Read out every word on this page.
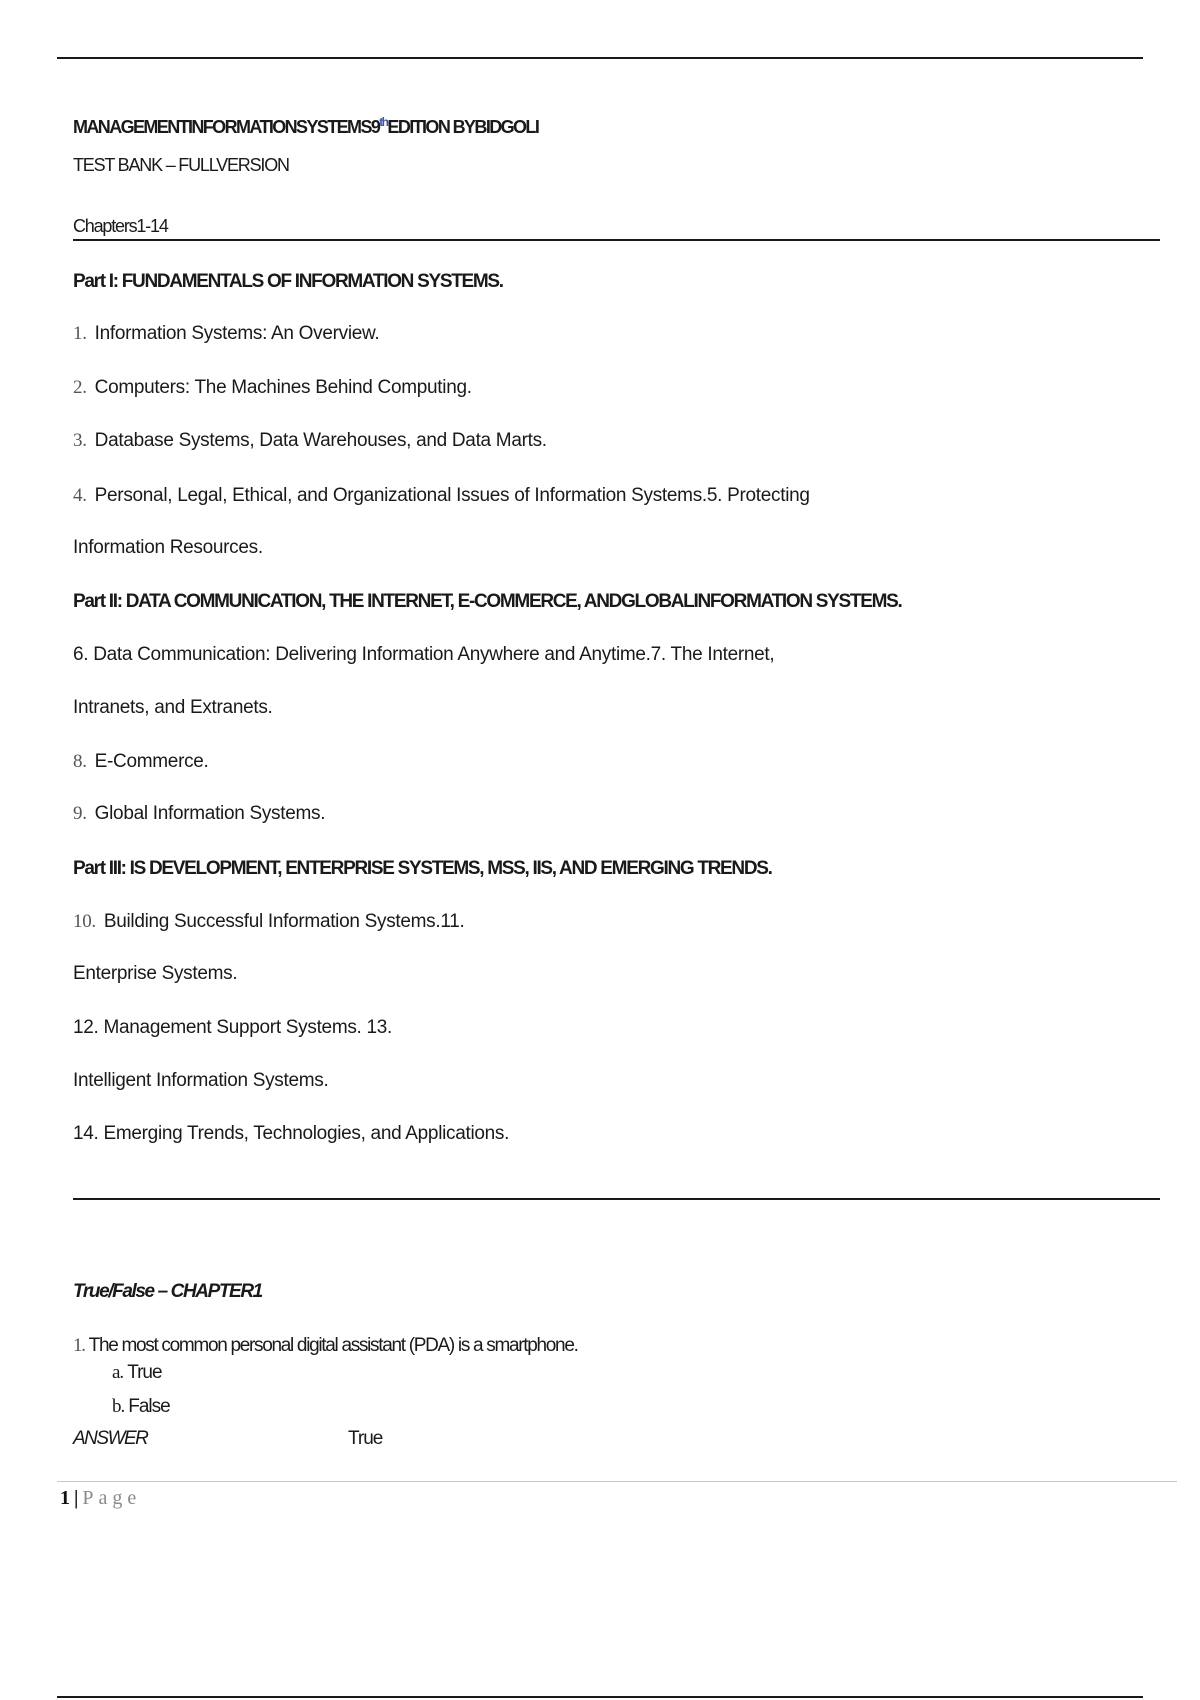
MANAGEMENTINFORMATIONSYSTEMS9thEDITION BYBIDGOLI
TEST BANK – FULLVERSION
Chapters1-14
Part I: FUNDAMENTALS OF INFORMATION SYSTEMS.
1. Information Systems: An Overview.
2. Computers: The Machines Behind Computing.
3. Database Systems, Data Warehouses, and Data Marts.
4. Personal, Legal, Ethical, and Organizational Issues of Information Systems.5. Protecting
Information Resources.
Part II: DATA COMMUNICATION, THE INTERNET, E-COMMERCE, ANDGLOBALINFORMATION SYSTEMS.
6. Data Communication: Delivering Information Anywhere and Anytime.7. The Internet,
Intranets, and Extranets.
8. E-Commerce.
9. Global Information Systems.
Part III: IS DEVELOPMENT, ENTERPRISE SYSTEMS, MSS, IIS, AND EMERGING TRENDS.
10. Building Successful Information Systems.11.
Enterprise Systems.
12. Management Support Systems. 13.
Intelligent Information Systems.
14. Emerging Trends, Technologies, and Applications.
True/False – CHAPTER1
1. The most common personal digital assistant (PDA) is a smartphone.
a. True
b. False
ANSWER	True
1 | Page
